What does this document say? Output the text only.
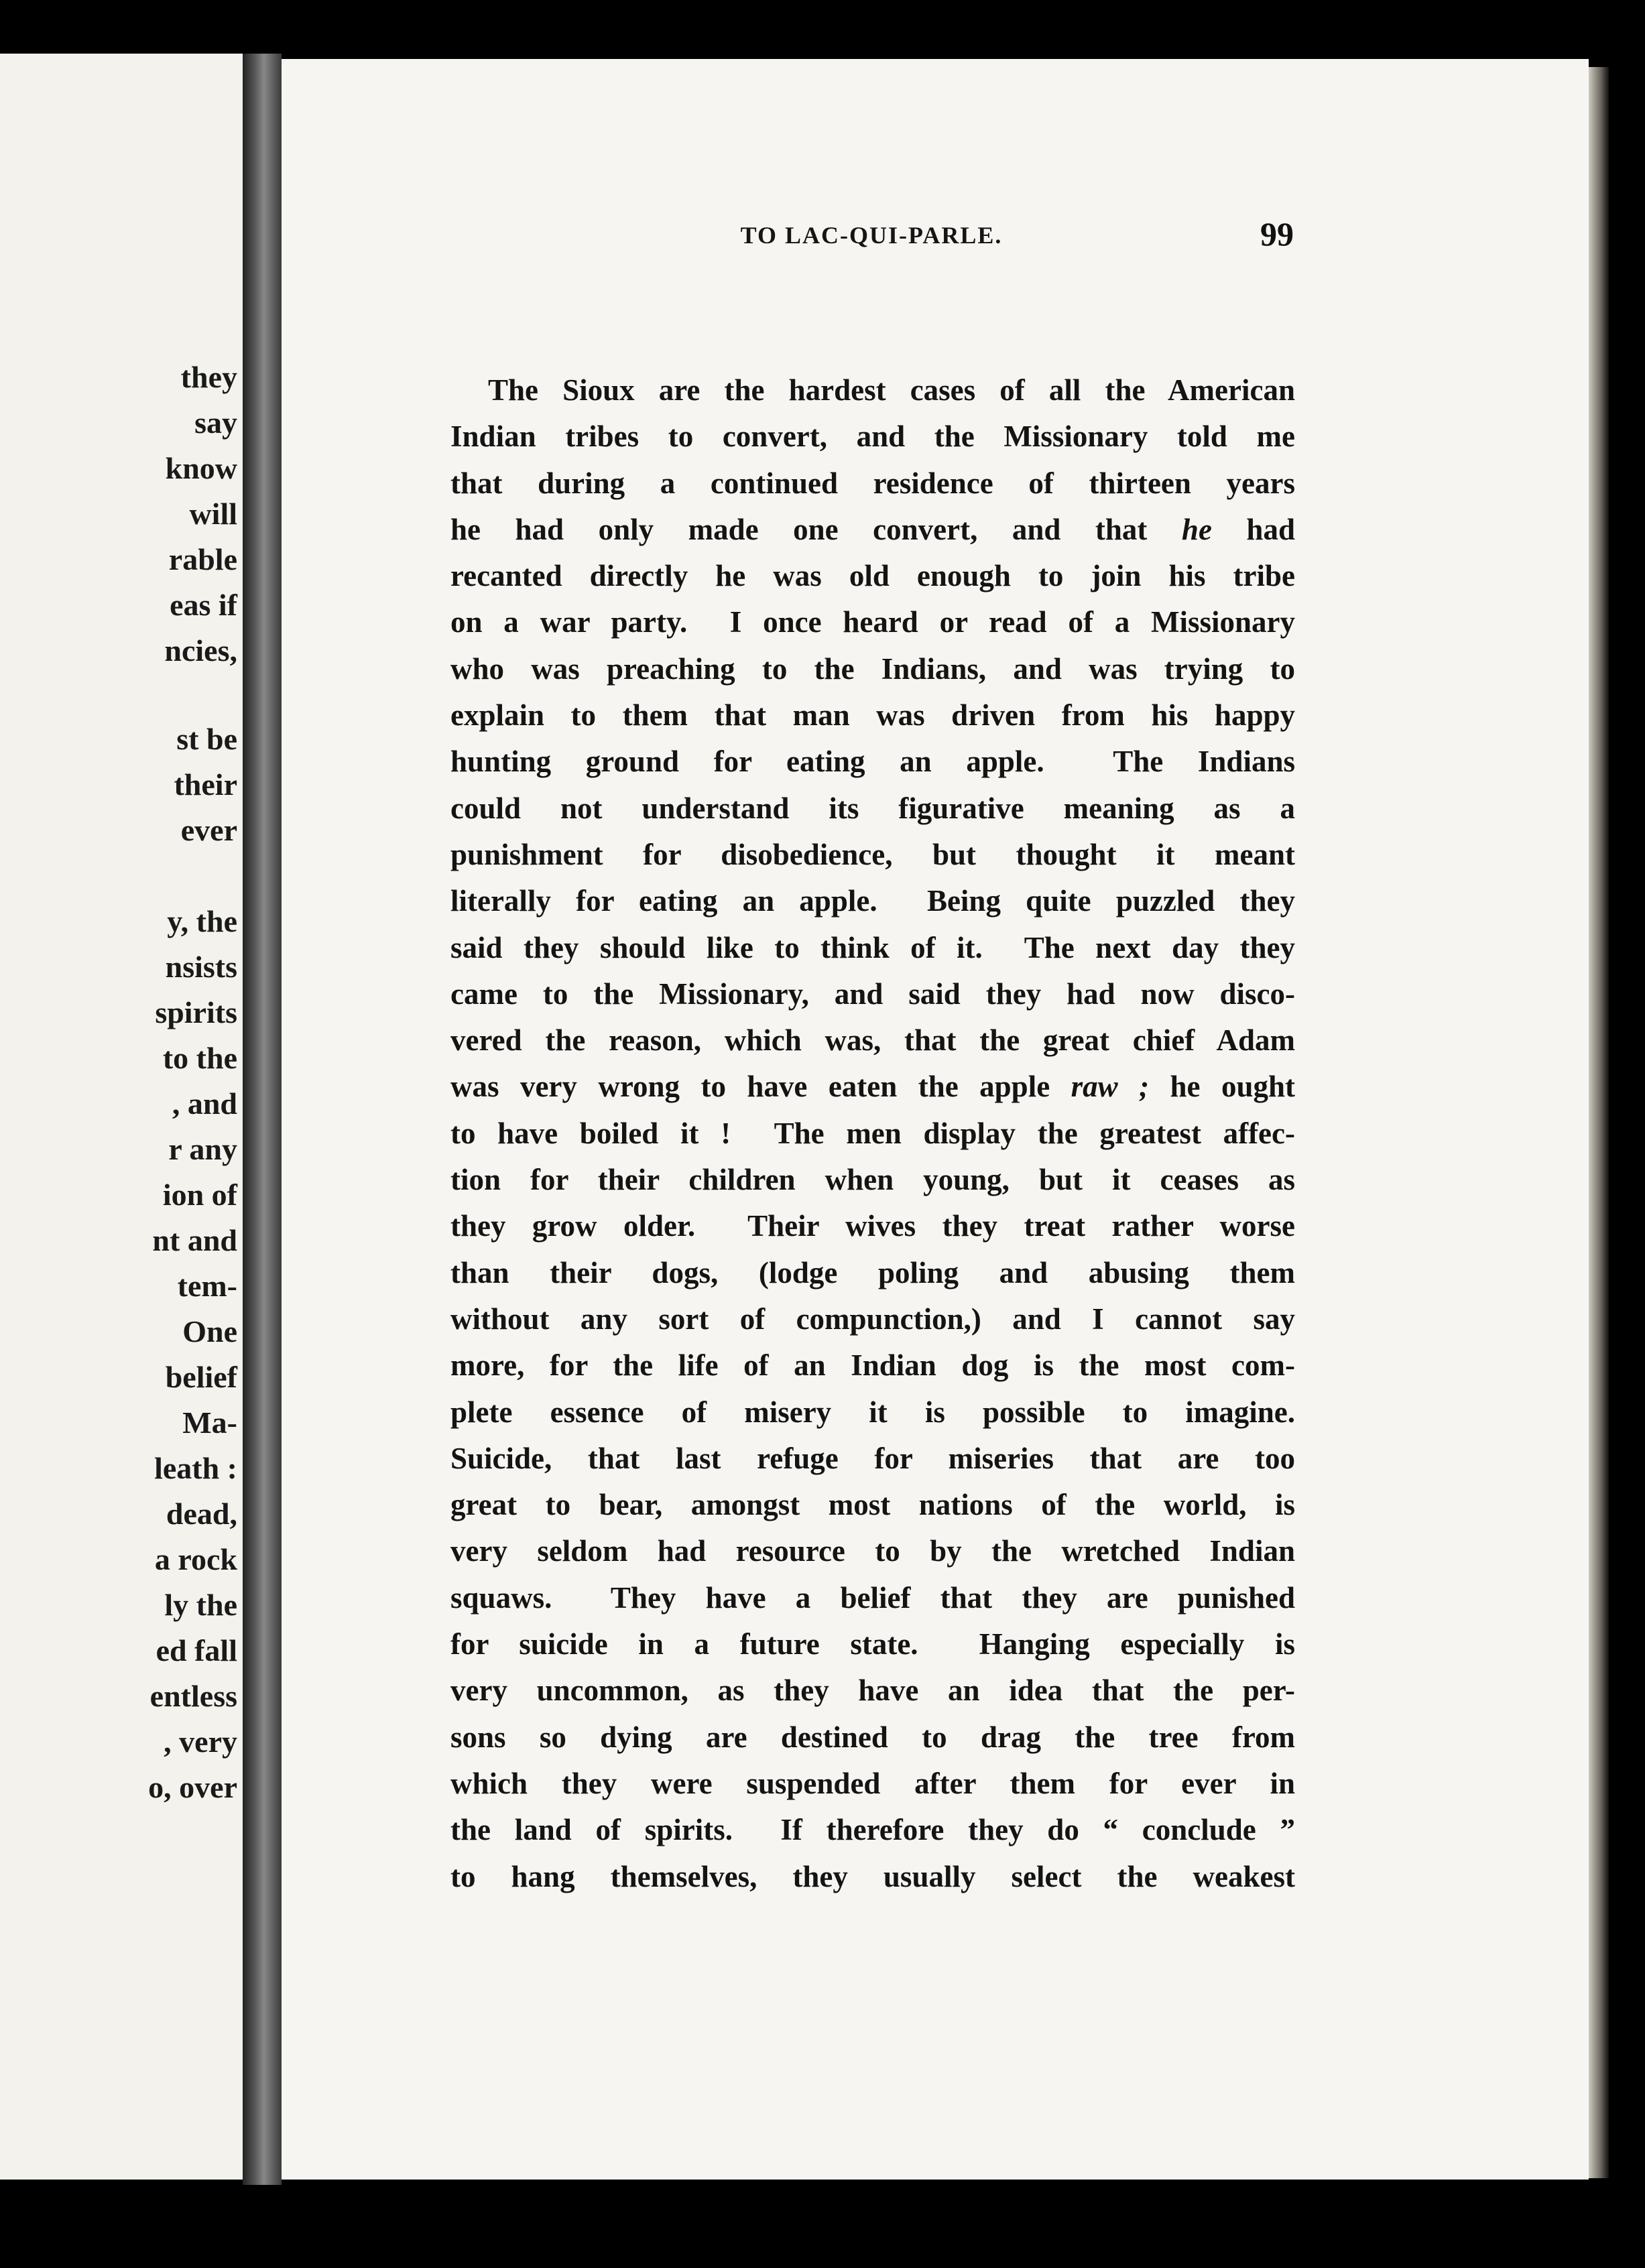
they
say
know
will
rable
eas if
ncies,
st be
their
ever
y, the
nsists
spirits
to the
, and
r any
ion of
nt and
tem-
One
belief
Ma-
leath :
dead,
a rock
ly the
ed fall
entless
, very
o, over
TO LAC-QUI-PARLE.	99
The Sioux are the hardest cases of all the American
Indian tribes to convert, and the Missionary told me
that during a continued residence of thirteen years
he had only made one convert, and that he had
recanted directly he was old enough to join his tribe
on a war party.  I once heard or read of a Missionary
who was preaching to the Indians, and was trying to
explain to them that man was driven from his happy
hunting ground for eating an apple.  The Indians
could not understand its figurative meaning as a
punishment for disobedience, but thought it meant
literally for eating an apple.  Being quite puzzled they
said they should like to think of it.  The next day they
came to the Missionary, and said they had now disco-
vered the reason, which was, that the great chief Adam
was very wrong to have eaten the apple raw ; he ought
to have boiled it !  The men display the greatest affec-
tion for their children when young, but it ceases as
they grow older.  Their wives they treat rather worse
than their dogs, (lodge poling and abusing them
without any sort of compunction,) and I cannot say
more, for the life of an Indian dog is the most com-
plete essence of misery it is possible to imagine.
Suicide, that last refuge for miseries that are too
great to bear, amongst most nations of the world, is
very seldom had resource to by the wretched Indian
squaws.  They have a belief that they are punished
for suicide in a future state.  Hanging especially is
very uncommon, as they have an idea that the per-
sons so dying are destined to drag the tree from
which they were suspended after them for ever in
the land of spirits.  If therefore they do “ conclude ”
to hang themselves, they usually select the weakest
